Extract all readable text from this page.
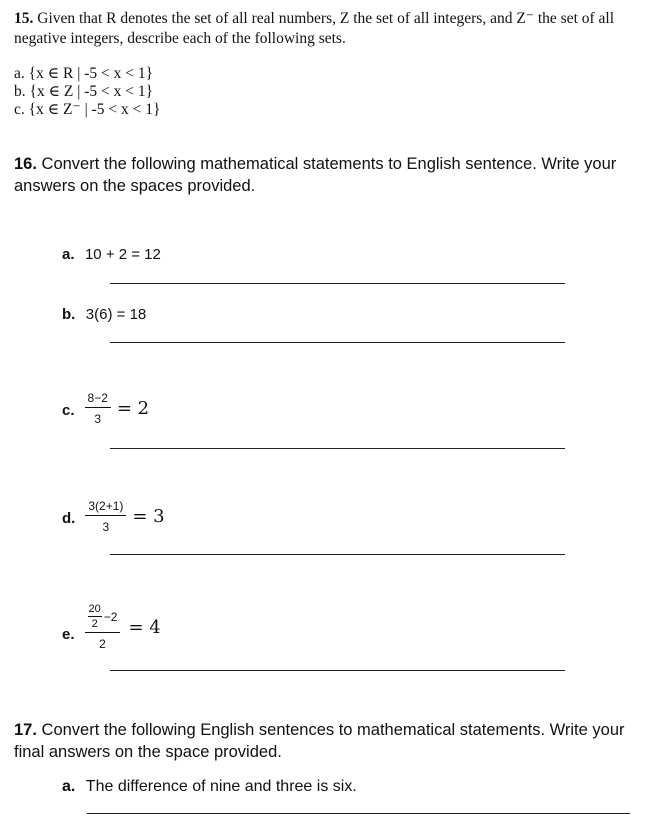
15. Given that R denotes the set of all real numbers, Z the set of all integers, and Z⁻ the set of all negative integers, describe each of the following sets.
a. {x ∈ R | -5 < x < 1}
b. {x ∈ Z | -5 < x < 1}
c. {x ∈ Z⁻ | -5 < x < 1}
16. Convert the following mathematical statements to English sentence. Write your answers on the spaces provided.
a. 10 + 2 = 12
b. 3(6) = 18
c. $\frac{8-2}{3} = 2$
d. $\frac{3(2+1)}{3} = 3$
e. $\frac{\frac{20}{2} -2}{2} = 4$
17. Convert the following English sentences to mathematical statements. Write your final answers on the space provided.
a. The difference of nine and three is six.
